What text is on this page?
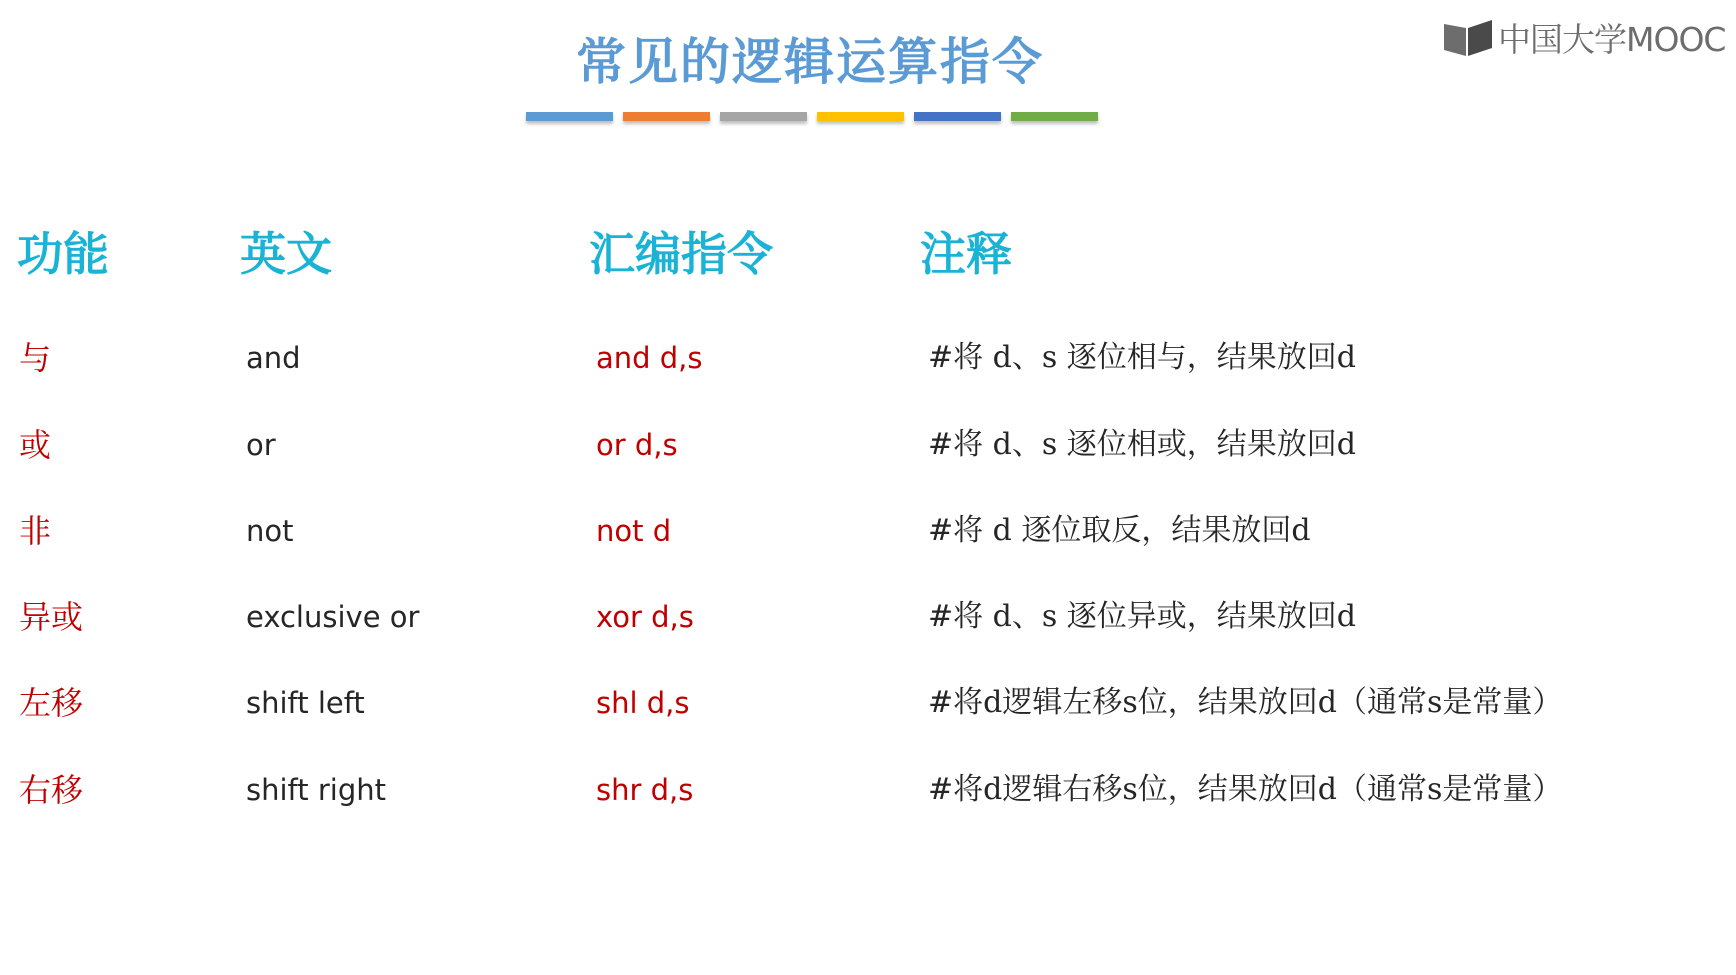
常见的逻辑运算指令	中国大学MOOC
功能	英文	汇编指令	注释
与	and	and d,s	#将 d、s 逐位相与，结果放回d
或	or	or d,s	#将 d、s 逐位相或，结果放回d
非	not	not d	#将 d 逐位取反，结果放回d
异或	exclusive or	xor d,s	#将 d、s 逐位异或，结果放回d
左移	shift left	shl d,s	#将d逻辑左移s位，结果放回d（通常s是常量）
右移	shift right	shr d,s	#将d逻辑右移s位，结果放回d（通常s是常量）
